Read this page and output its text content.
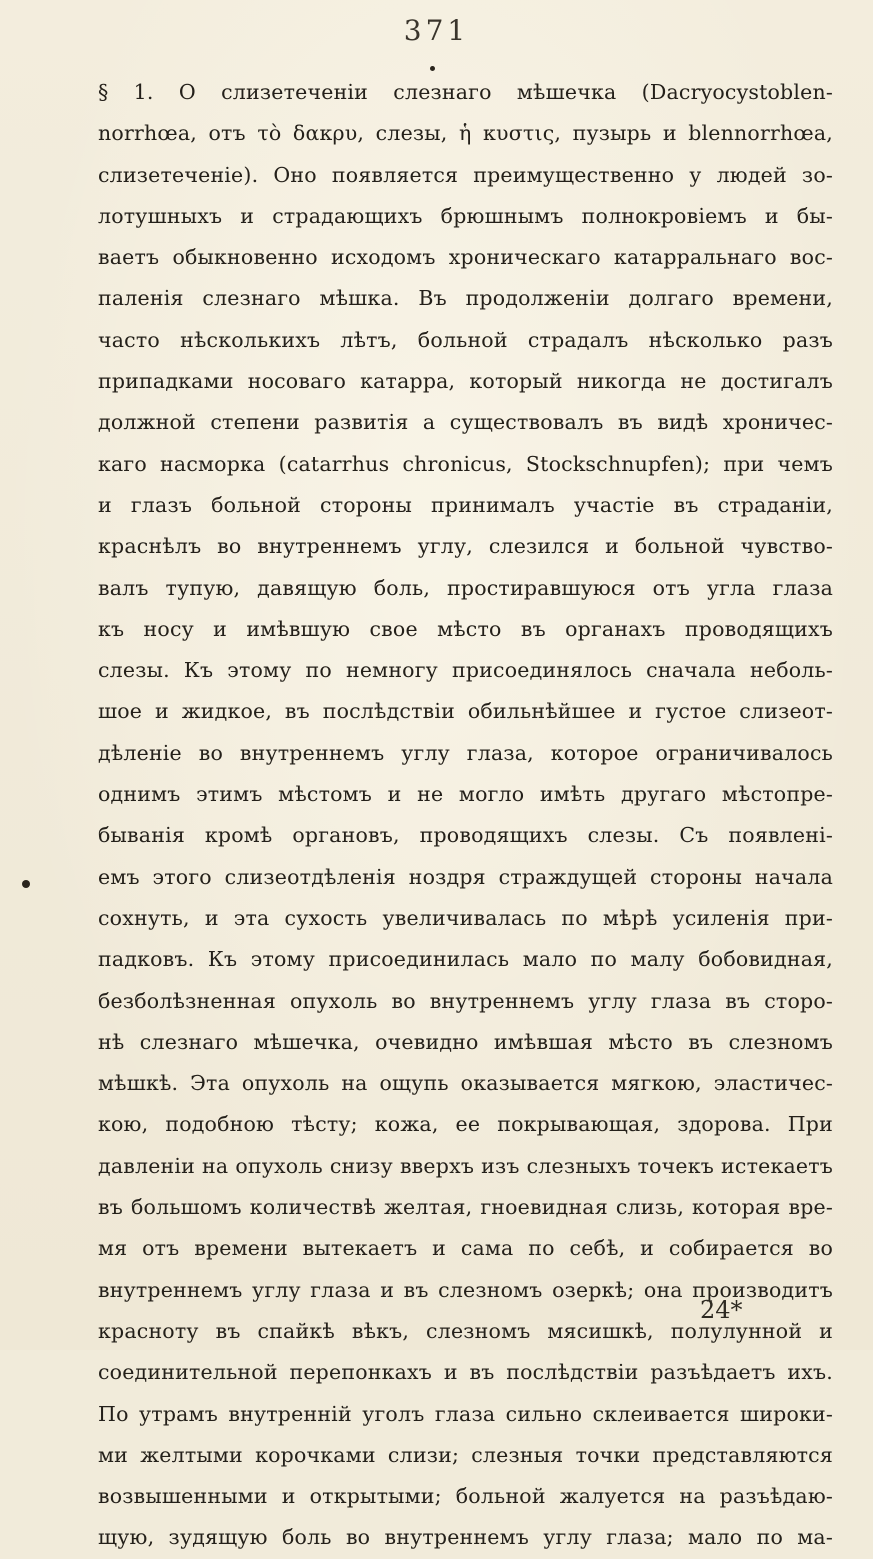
371
§ 1. О слизетеченіи слезнаго мѣшечка (Dacryocystoblen-
norrhœa, отъ τὸ δακρυ, слезы, ἡ κυστις, пузырь и blennorrhœa,
слизетеченіе). Оно появляется преимущественно у людей зо-
лотушныхъ и страдающихъ брюшнымъ полнокровіемъ и бы-
ваетъ обыкновенно исходомъ хроническаго катарральнаго вос-
паленія слезнаго мѣшка. Въ продолженіи долгаго времени,
часто нѣсколькихъ лѣтъ, больной страдалъ нѣсколько разъ
припадками носоваго катарра, который никогда не достигалъ
должной степени развитія а существовалъ въ видѣ хроничес-
каго насморка (catarrhus chronicus, Stockschnupfen); при чемъ
и глазъ больной стороны принималъ участіе въ страданіи,
краснѣлъ во внутреннемъ углу, слезился и больной чувство-
валъ тупую, давящую боль, простиравшуюся отъ угла глаза
къ носу и имѣвшую свое мѣсто въ органахъ проводящихъ
слезы. Къ этому по немногу присоединялось сначала неболь-
шое и жидкое, въ послѣдствіи обильнѣйшее и густое слизеот-
дѣленіе во внутреннемъ углу глаза, которое ограничивалось
однимъ этимъ мѣстомъ и не могло имѣть другаго мѣстопре-
быванія кромѣ органовъ, проводящихъ слезы. Съ появлені-
емъ этого слизеотдѣленія ноздря страждущей стороны начала
сохнуть, и эта сухость увеличивалась по мѣрѣ усиленія при-
падковъ. Къ этому присоединилась мало по малу бобовидная,
безболѣзненная опухоль во внутреннемъ углу глаза въ сторо-
нѣ слезнаго мѣшечка, очевидно имѣвшая мѣсто въ слезномъ
мѣшкѣ. Эта опухоль на ощупь оказывается мягкою, эластичес-
кою, подобною тѣсту; кожа, ее покрывающая, здорова. При
давленіи на опухоль снизу вверхъ изъ слезныхъ точекъ истекаетъ
въ большомъ количествѣ желтая, гноевидная слизь, которая вре-
мя отъ времени вытекаетъ и сама по себѣ, и собирается во
внутреннемъ углу глаза и въ слезномъ озеркѣ; она производитъ
красноту въ спайкѣ вѣкъ, слезномъ мясишкѣ, полулунной и
соединительной перепонкахъ и въ послѣдствіи разъѣдаетъ ихъ.
По утрамъ внутренній уголъ глаза сильно склеивается широки-
ми желтыми корочками слизи; слезныя точки представляются
возвышенными и открытыми; больной жалуется на разъѣдаю-
щую, зудящую боль во внутреннемъ углу глаза; мало по ма-
24*
